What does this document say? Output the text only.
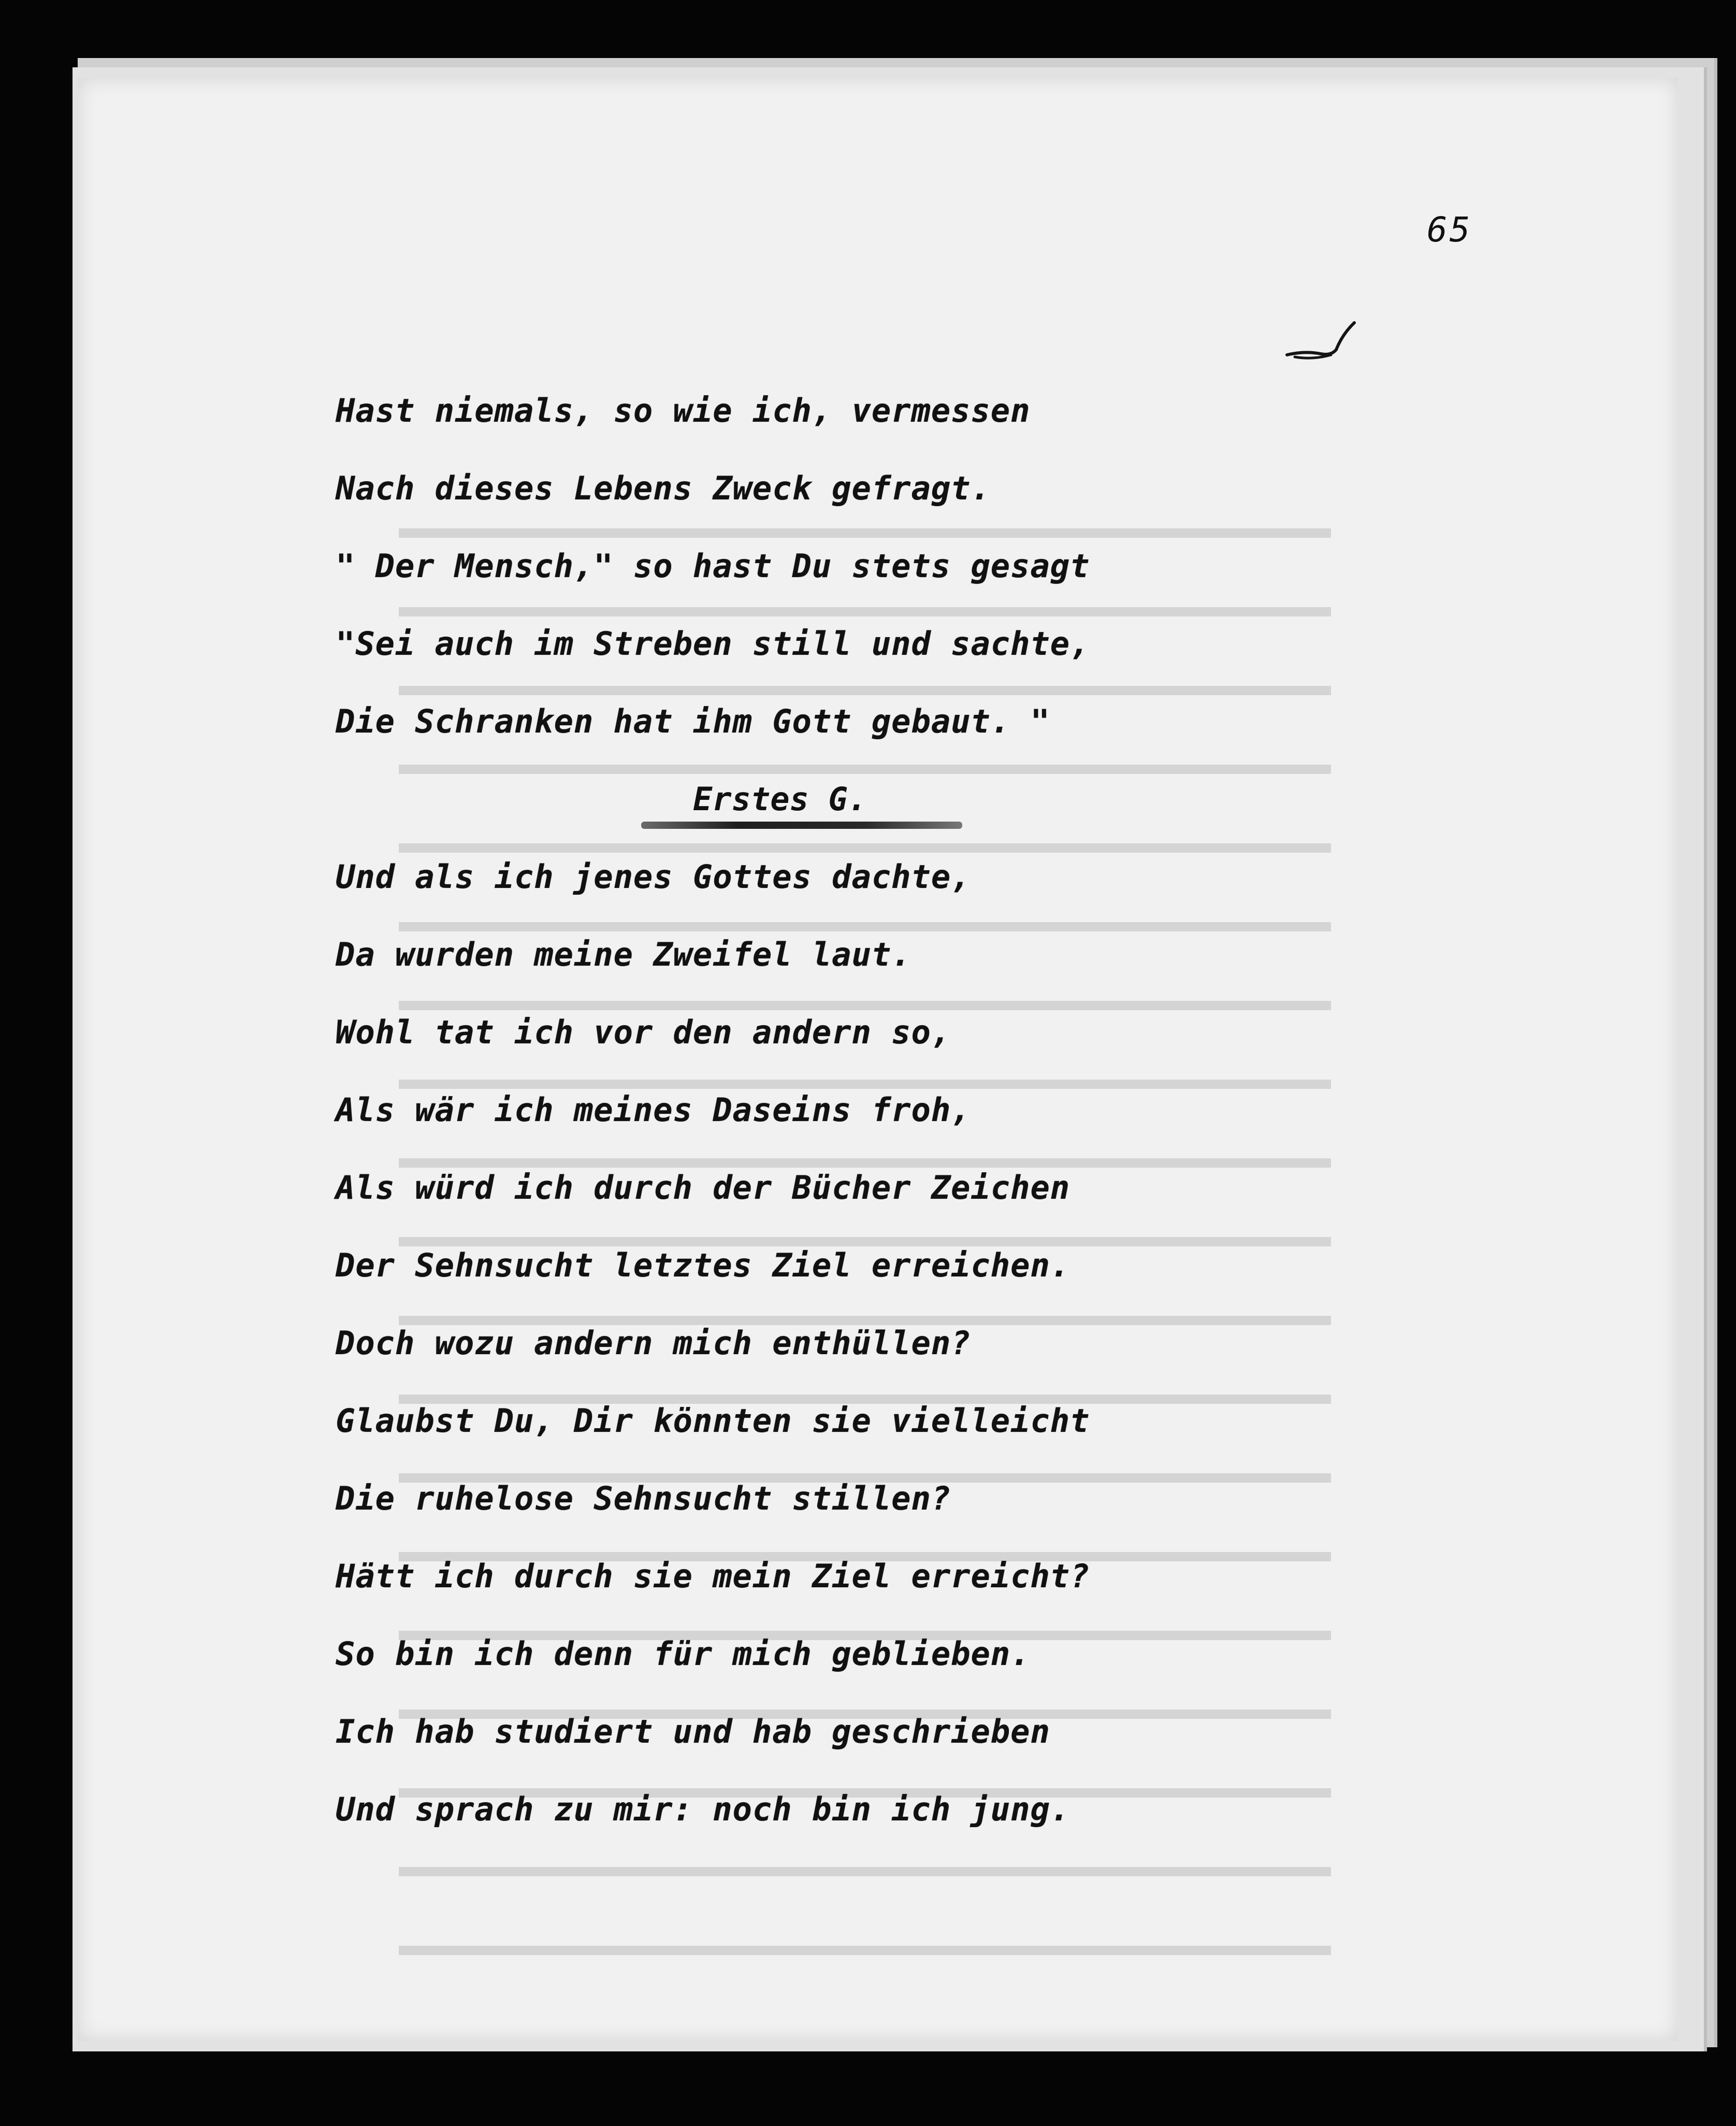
65
Hast niemals, so wie ich, vermessen
Nach dieses Lebens Zweck gefragt.
" Der Mensch," so hast Du stets gesagt
"Sei auch im Streben still und sachte,
Die Schranken hat ihm Gott gebaut. "
Erstes G.
Und als ich jenes Gottes dachte,
Da wurden meine Zweifel laut.
Wohl tat ich vor den andern so,
Als wär ich meines Daseins froh,
Als würd ich durch der Bücher Zeichen
Der Sehnsucht letztes Ziel erreichen.
Doch wozu andern mich enthüllen?
Glaubst Du, Dir könnten sie vielleicht
Die ruhelose Sehnsucht stillen?
Hätt ich durch sie mein Ziel erreicht?
So bin ich denn für mich geblieben.
Ich hab studiert und hab geschrieben
Und sprach zu mir: noch bin ich jung.
